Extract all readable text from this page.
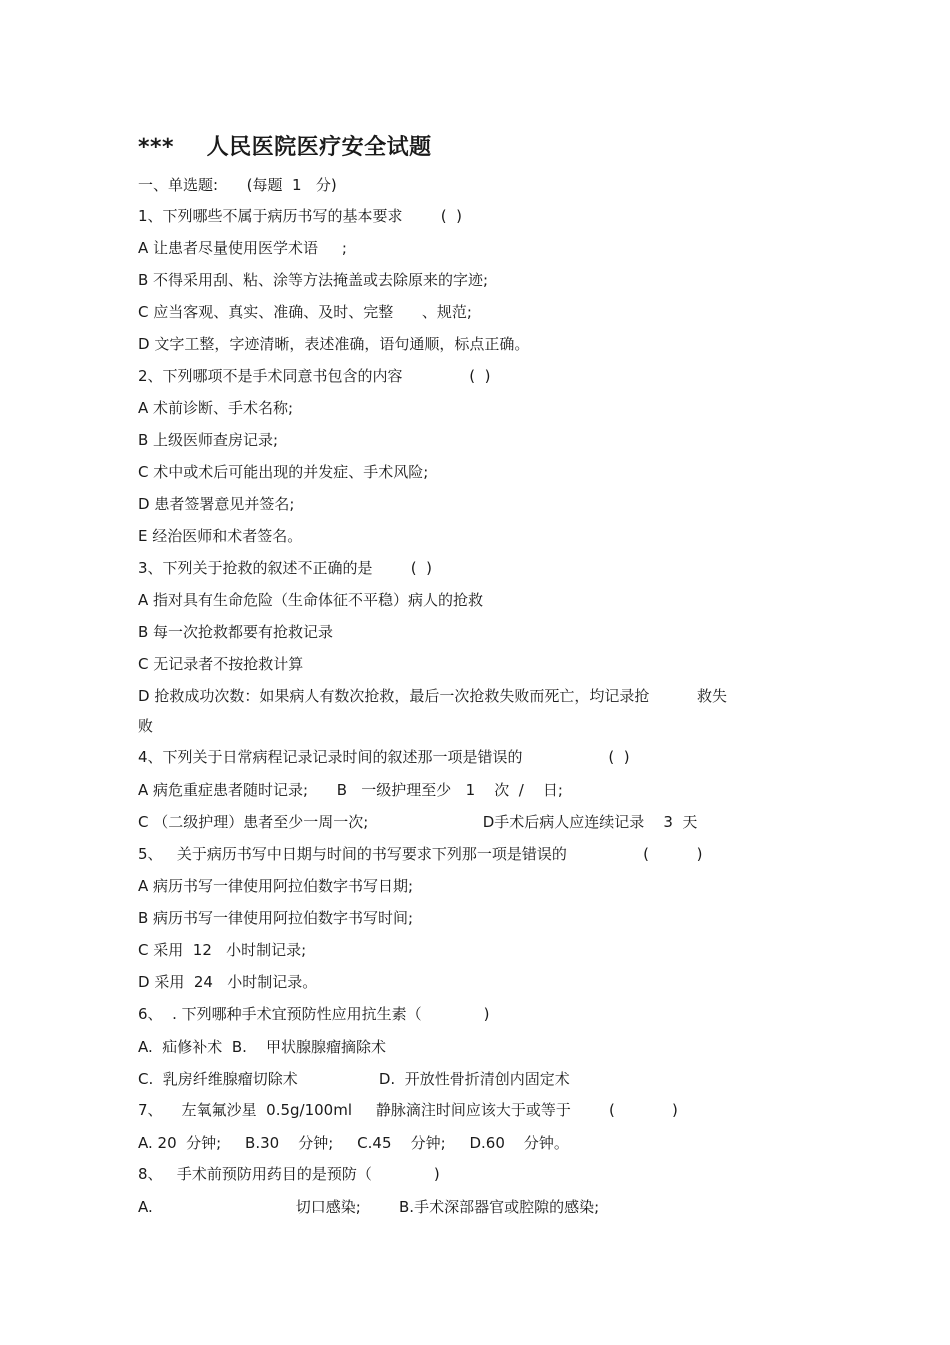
***    人民医院医疗安全试题

一、单选题:      (每题  1   分)

1、下列哪些不属于病历书写的基本要求        (  )

A 让患者尽量使用医学术语     ;

B 不得采用刮、粘、涂等方法掩盖或去除原来的字迹;

C 应当客观、真实、准确、及时、完整      、规范;

D 文字工整，字迹清晰，表述准确，语句通顺，标点正确。

2、下列哪项不是手术同意书包含的内容              (  )

A 术前诊断、手术名称;

B 上级医师查房记录;

C 术中或术后可能出现的并发症、手术风险;

D 患者签署意见并签名;

E 经治医师和术者签名。

3、下列关于抢救的叙述不正确的是        (  )

A 指对具有生命危险（生命体征不平稳）病人的抢救

B 每一次抢救都要有抢救记录

C 无记录者不按抢救计算

D 抢救成功次数：如果病人有数次抢救，最后一次抢救失败而死亡，均记录抢          救失

败

4、下列关于日常病程记录记录时间的叙述那一项是错误的                  (  )

A 病危重症患者随时记录;      B   一级护理至少   1    次  /    日;

C （二级护理）患者至少一周一次;                        D手术后病人应连续记录    3  天

5、   关于病历书写中日期与时间的书写要求下列那一项是错误的                (          )

A 病历书写一律使用阿拉伯数字书写日期;

B 病历书写一律使用阿拉伯数字书写时间;

C 采用  12   小时制记录;

D 采用  24   小时制记录。

6、  . 下列哪种手术宜预防性应用抗生素（             )

A.  疝修补术  B.    甲状腺腺瘤摘除术

C.  乳房纤维腺瘤切除术                 D.  开放性骨折清创内固定术

7、    左氧氟沙星  0.5g/100ml     静脉滴注时间应该大于或等于        (            )

A. 20  分钟;     B.30    分钟;     C.45    分钟;     D.60    分钟。

8、   手术前预防用药目的是预防（             )

A.                              切口感染;        B.手术深部器官或腔隙的感染;
